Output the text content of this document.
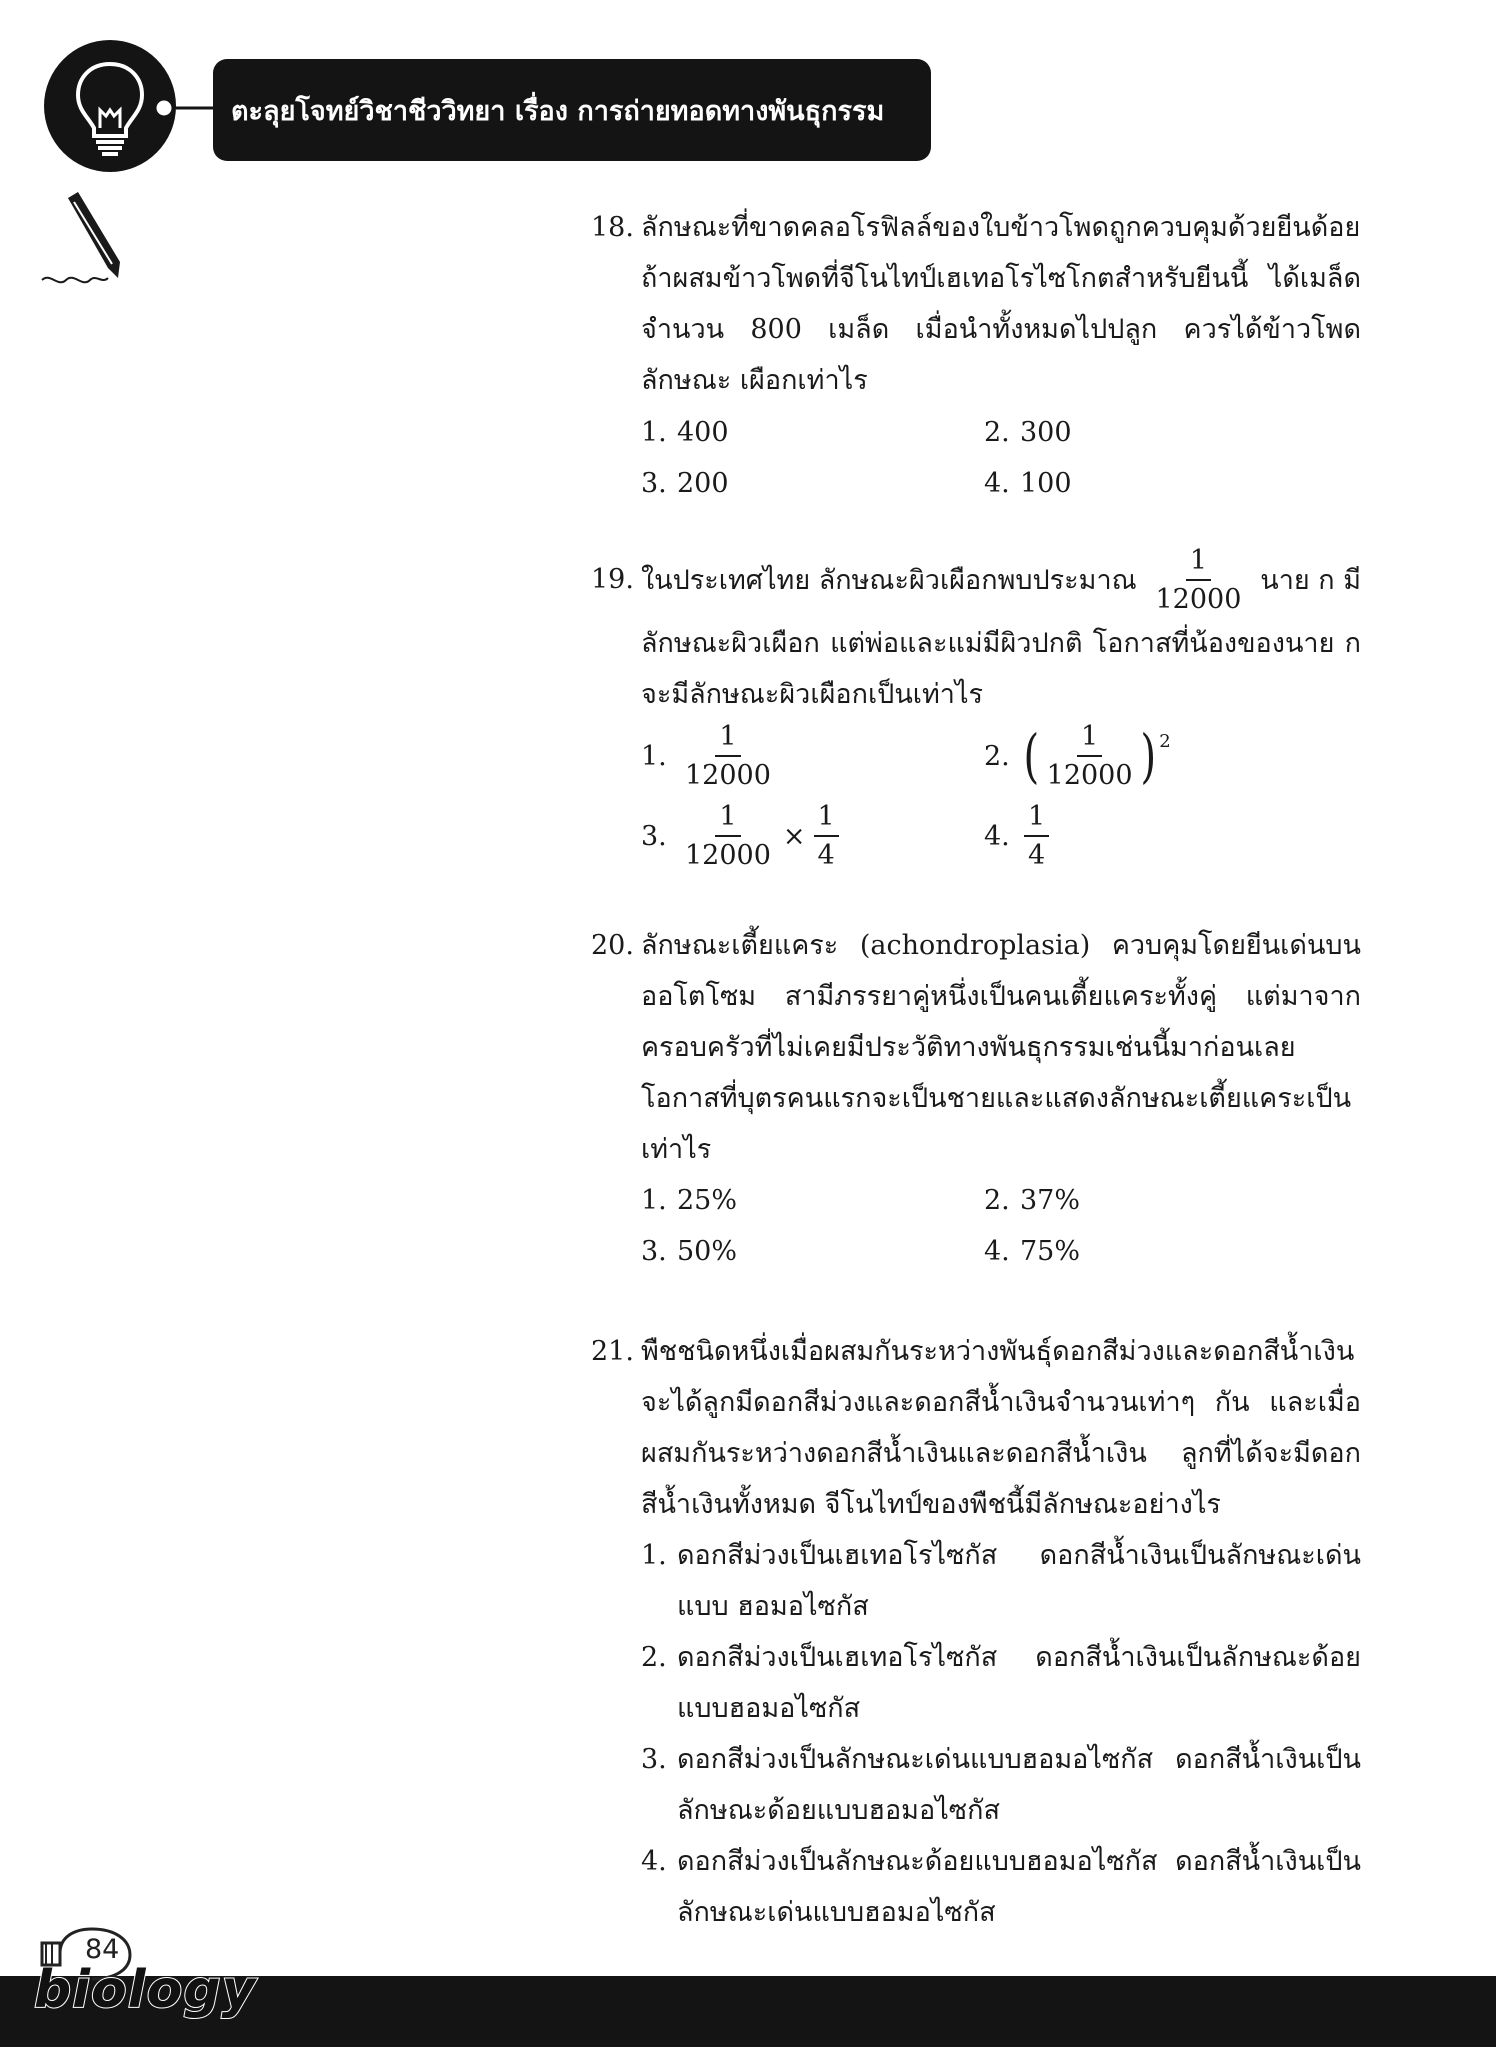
ตะลุยโจทย์วิชาชีววิทยา เรื่อง การถ่ายทอดทางพันธุกรรม
18. ลักษณะที่ขาดคลอโรฟิลล์ของใบข้าวโพดถูกควบคุมด้วยยีนด้อย ถ้าผสมข้าวโพดที่จีโนไทป์เฮเทอโรไซโกตสำหรับยีนนี้ ได้เมล็ด จำนวน 800 เมล็ด เมื่อนำทั้งหมดไปปลูก ควรได้ข้าวโพดลักษณะ เผือกเท่าไร
1. 400	2. 300
3. 200	4. 100
19. ในประเทศไทย ลักษณะผิวเผือกพบประมาณ $\frac{1}{12000}$ นาย ก มี
ลักษณะผิวเผือก แต่พ่อและแม่มีผิวปกติ โอกาสที่น้องของนาย ก จะมีลักษณะผิวเผือกเป็นเท่าไร
1. $\frac{1}{12000}$	2. ( $\frac{1}{12000}$ ) 2
3. $\frac{1}{12000} \times \frac{1}{4}$	4. $\frac{1}{4}$
20. ลักษณะเตี้ยแคระ (achondroplasia) ควบคุมโดยยีนเด่นบน ออโตโซม สามีภรรยาคู่หนึ่งเป็นคนเตี้ยแคระทั้งคู่ แต่มาจาก ครอบครัวที่ไม่เคยมีประวัติทางพันธุกรรมเช่นนี้มาก่อนเลย โอกาสที่บุตรคนแรกจะเป็นชายและแสดงลักษณะเตี้ยแคระเป็น เท่าไร
1. 25%	2. 37%
3. 50%	4. 75%
21. พืชชนิดหนึ่งเมื่อผสมกันระหว่างพันธุ์ดอกสีม่วงและดอกสีน้ำเงิน จะได้ลูกมีดอกสีม่วงและดอกสีน้ำเงินจำนวนเท่าๆ กัน และเมื่อ ผสมกันระหว่างดอกสีน้ำเงินและดอกสีน้ำเงิน ลูกที่ได้จะมีดอก สีน้ำเงินทั้งหมด จีโนไทป์ของพืชนี้มีลักษณะอย่างไร
1. ดอกสีม่วงเป็นเฮเทอโรไซกัส ดอกสีน้ำเงินเป็นลักษณะเด่นแบบ ฮอมอไซกัส
2. ดอกสีม่วงเป็นเฮเทอโรไซกัส ดอกสีน้ำเงินเป็นลักษณะด้อย แบบฮอมอไซกัส
3. ดอกสีม่วงเป็นลักษณะเด่นแบบฮอมอไซกัส ดอกสีน้ำเงินเป็น ลักษณะด้อยแบบฮอมอไซกัส
4. ดอกสีม่วงเป็นลักษณะด้อยแบบฮอมอไซกัส ดอกสีน้ำเงินเป็น ลักษณะเด่นแบบฮอมอไซกัส
84
biology
